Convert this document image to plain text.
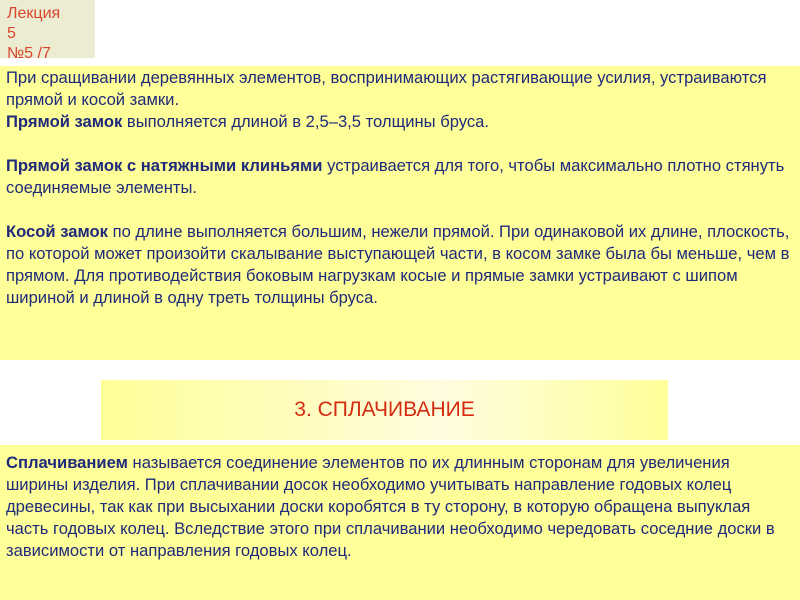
Лекция
5
№5 /7

При сращивании деревянных элементов, воспринимающих растягивающие усилия, устраиваются прямой и косой замки.

Прямой замок выполняется длиной в 2,5–3,5 толщины бруса.

Прямой замок с натяжными клиньями устраивается для того, чтобы максимально плотно стянуть соединяемые элементы.

Косой замок по длине выполняется большим, нежели прямой. При одинаковой их длине, плоскость, по которой может произойти скалывание выступающей части, в косом замке была бы меньше, чем в прямом. Для противодействия боковым нагрузкам косые и прямые замки устраивают с шипом шириной и длиной в одну треть толщины бруса.

3. СПЛАЧИВАНИЕ

Сплачиванием называется соединение элементов по их длинным сторонам для увеличения ширины изделия. При сплачивании досок необходимо учитывать направление годовых колец древесины, так как при высыхании доски коробятся в ту сторону, в которую обращена выпуклая часть годовых колец. Вследствие этого при сплачивании необходимо чередовать соседние доски в зависимости от направления годовых колец.
